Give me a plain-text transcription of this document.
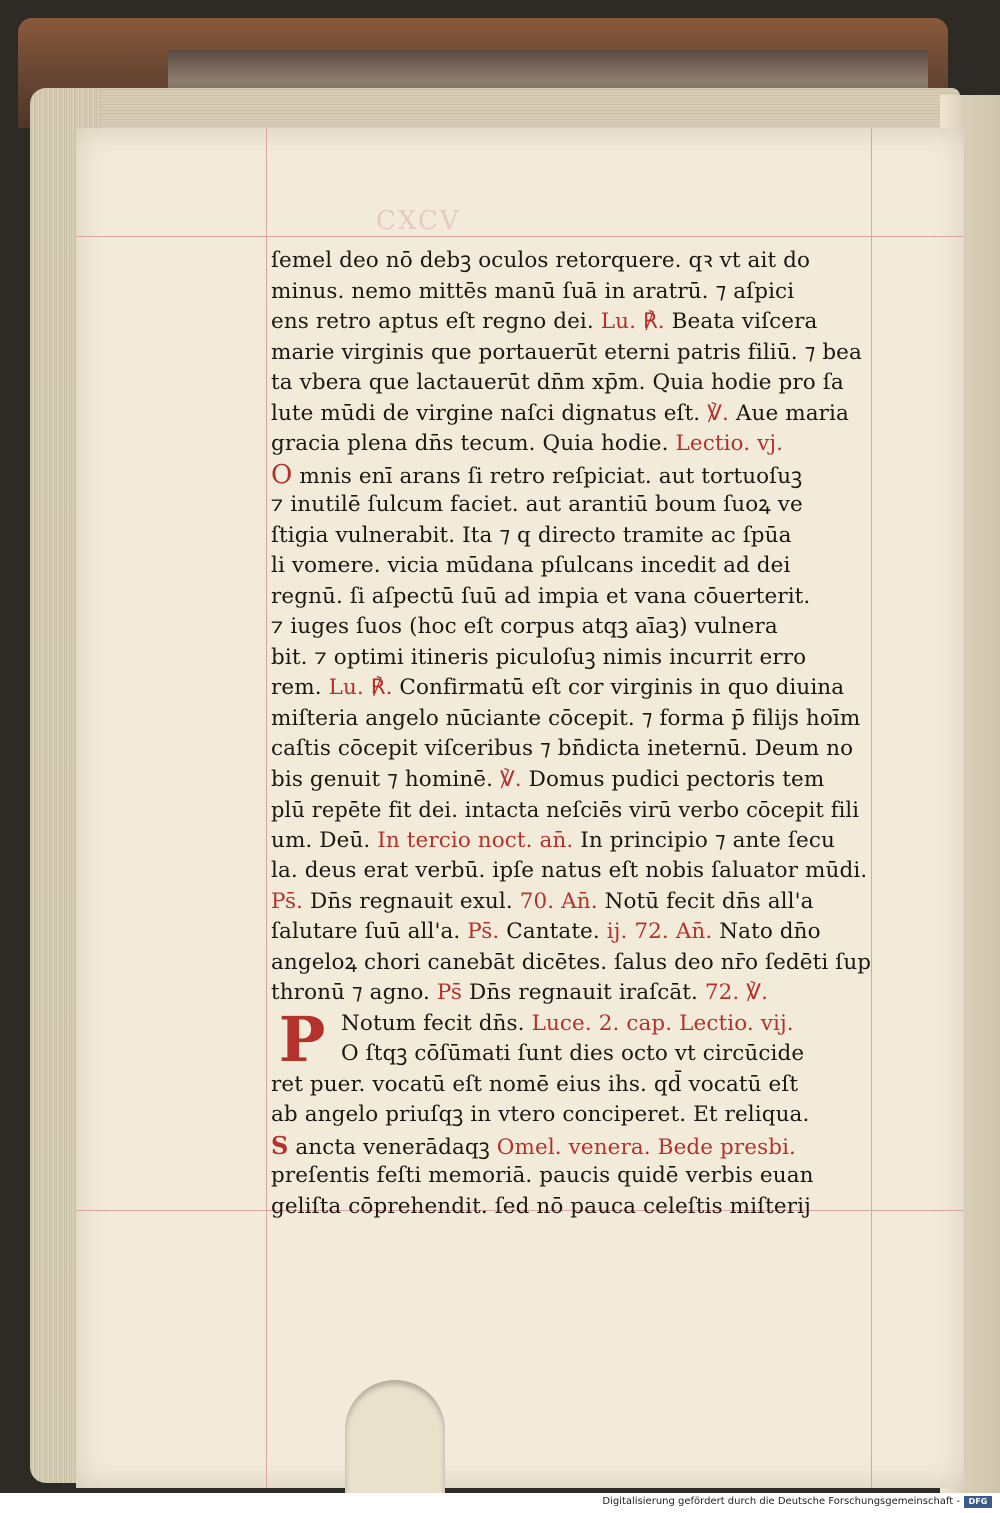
CXCV
ſemel deo nō debꝫ oculos retorquere. qꝛ vt ait do
minus. nemo mittēs manū ſuā in aratrū. ⁊ aſpici
ens retro aptus eſt regno dei. Lu. ℟. Beata viſcera
marie virginis que portauerūt eterni patris filiū. ⁊ bea
ta vbera que lactauerūt dn̄m xp̄m. Quia hodie pro ſa
lute mūdi de virgine naſci dignatus eſt. ℣. Aue maria
gracia plena dn̄s tecum. Quia hodie. Lectio. vj.
O mnis enī arans ſi retro reſpiciat. aut tortuoſuꝫ
⁊ inutilē ſulcum faciet. aut arantiū boum ſuoꝝ ve
ſtigia vulnerabit. Ita ⁊ q directo tramite ac ſpūa
li vomere. vicia mūdana pſulcans incedit ad dei
regnū. ſi aſpectū ſuū ad impia et vana cōuerterit.
⁊ iuges ſuos (hoc eſt corpus atqꝫ aīaꝫ) vulnera
bit. ⁊ optimi itineris piculoſuꝫ nimis incurrit erro
rem. Lu. ℟. Confirmatū eſt cor virginis in quo diuina
miſteria angelo nūciante cōcepit. ⁊ forma p̄ filijs hoīm
caſtis cōcepit viſceribus ⁊ bn̄dicta ineternū. Deum no
bis genuit ⁊ hominē. ℣. Domus pudici pectoris tem
plū repēte fit dei. intacta neſciēs virū verbo cōcepit fili
um. Deū. In tercio noct. an̄. In principio ⁊ ante ſecu
la. deus erat verbū. ipſe natus eſt nobis ſaluator mūdi.
Ps̄. Dn̄s regnauit exul. 70. An̄. Notū fecit dn̄s all'a
ſalutare ſuū all'a. Ps̄. Cantate. ij. 72. An̄. Nato dn̄o
angeloꝝ chori canebāt dicētes. ſalus deo nr̄o ſedēti ſup
thronū ⁊ agno. Ps̄ Dn̄s regnauit iraſcāt. 72. ℣.
Notum fecit dn̄s. Luce. 2. cap. Lectio. vij.
O ſtqꝫ cōſūmati ſunt dies octo vt circūcide
ret puer. vocatū eſt nomē eius ihs. qd̄ vocatū eſt
ab angelo priuſqꝫ in vtero conciperet. Et reliqua.
S ancta venerādaqꝫ Omel. venera. Bede presbi.
preſentis feſti memoriā. paucis quidē verbis euan
geliſta cōprehendit. ſed nō pauca celeſtis miſterij
P
Digitalisierung gefördert durch die Deutsche Forschungsgemeinschaft -	DFG
